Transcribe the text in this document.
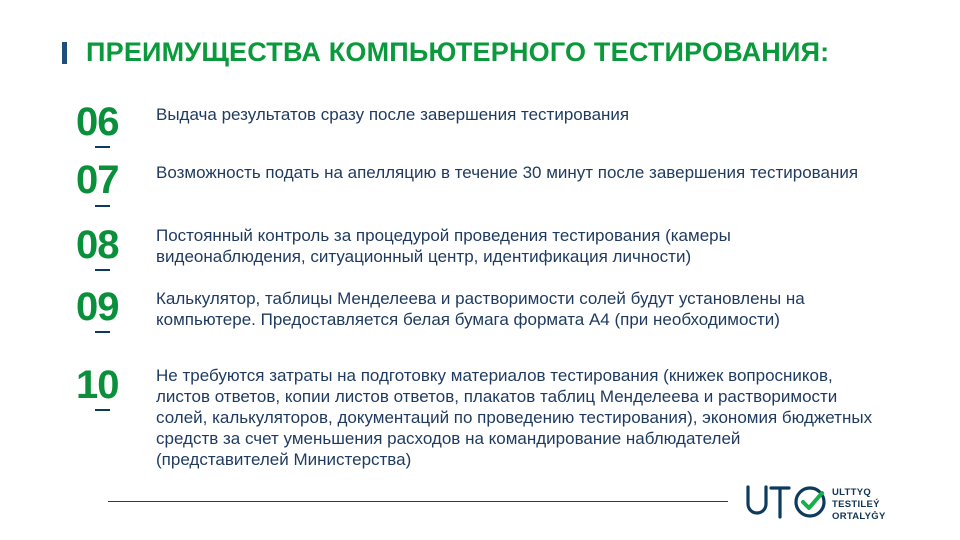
ПРЕИМУЩЕСТВА КОМПЬЮТЕРНОГО ТЕСТИРОВАНИЯ:
06	Выдача результатов сразу после завершения тестирования
07	Возможность подать на апелляцию в течение 30 минут после завершения тестирования
08	Постоянный контроль за процедурой проведения тестирования (камеры видеонаблюдения, ситуационный центр, идентификация личности)
09	Калькулятор, таблицы Менделеева и растворимости солей будут установлены на компьютере. Предоставляется белая бумага формата А4 (при необходимости)
10	Не требуются затраты на подготовку материалов тестирования (книжек вопросников, листов ответов, копии листов ответов, плакатов таблиц Менделеева и растворимости солей, калькуляторов, документаций по проведению тестирования), экономия бюджетных средств за счет уменьшения расходов на командирование наблюдателей (представителей Министерства)
ULTTYQ
TESTILEÝ
ORTALYĠY
